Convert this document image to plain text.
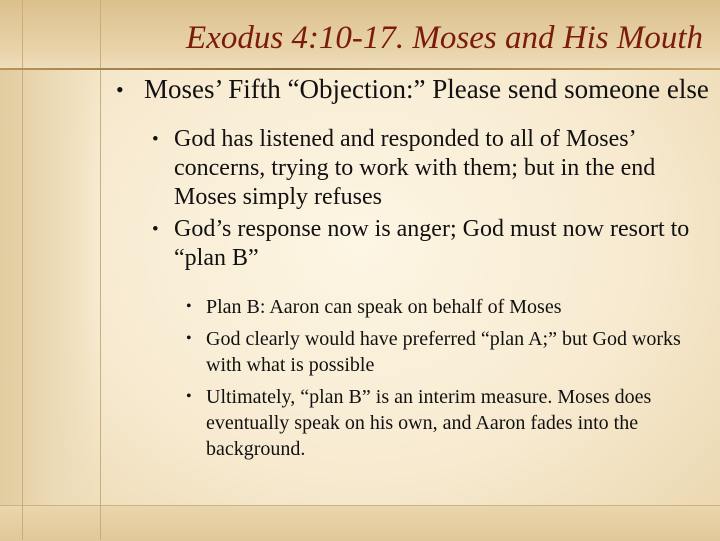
Exodus 4:10-17. Moses and His Mouth
• Moses’ Fifth “Objection:” Please send someone else
• God has listened and responded to all of Moses’ concerns, trying to work with them; but in the end Moses simply refuses
• God’s response now is anger; God must now resort to “plan B”
• Plan B: Aaron can speak on behalf of Moses
• God clearly would have preferred “plan A;” but God works with what is possible
• Ultimately, “plan B” is an interim measure. Moses does eventually speak on his own, and Aaron fades into the background.
